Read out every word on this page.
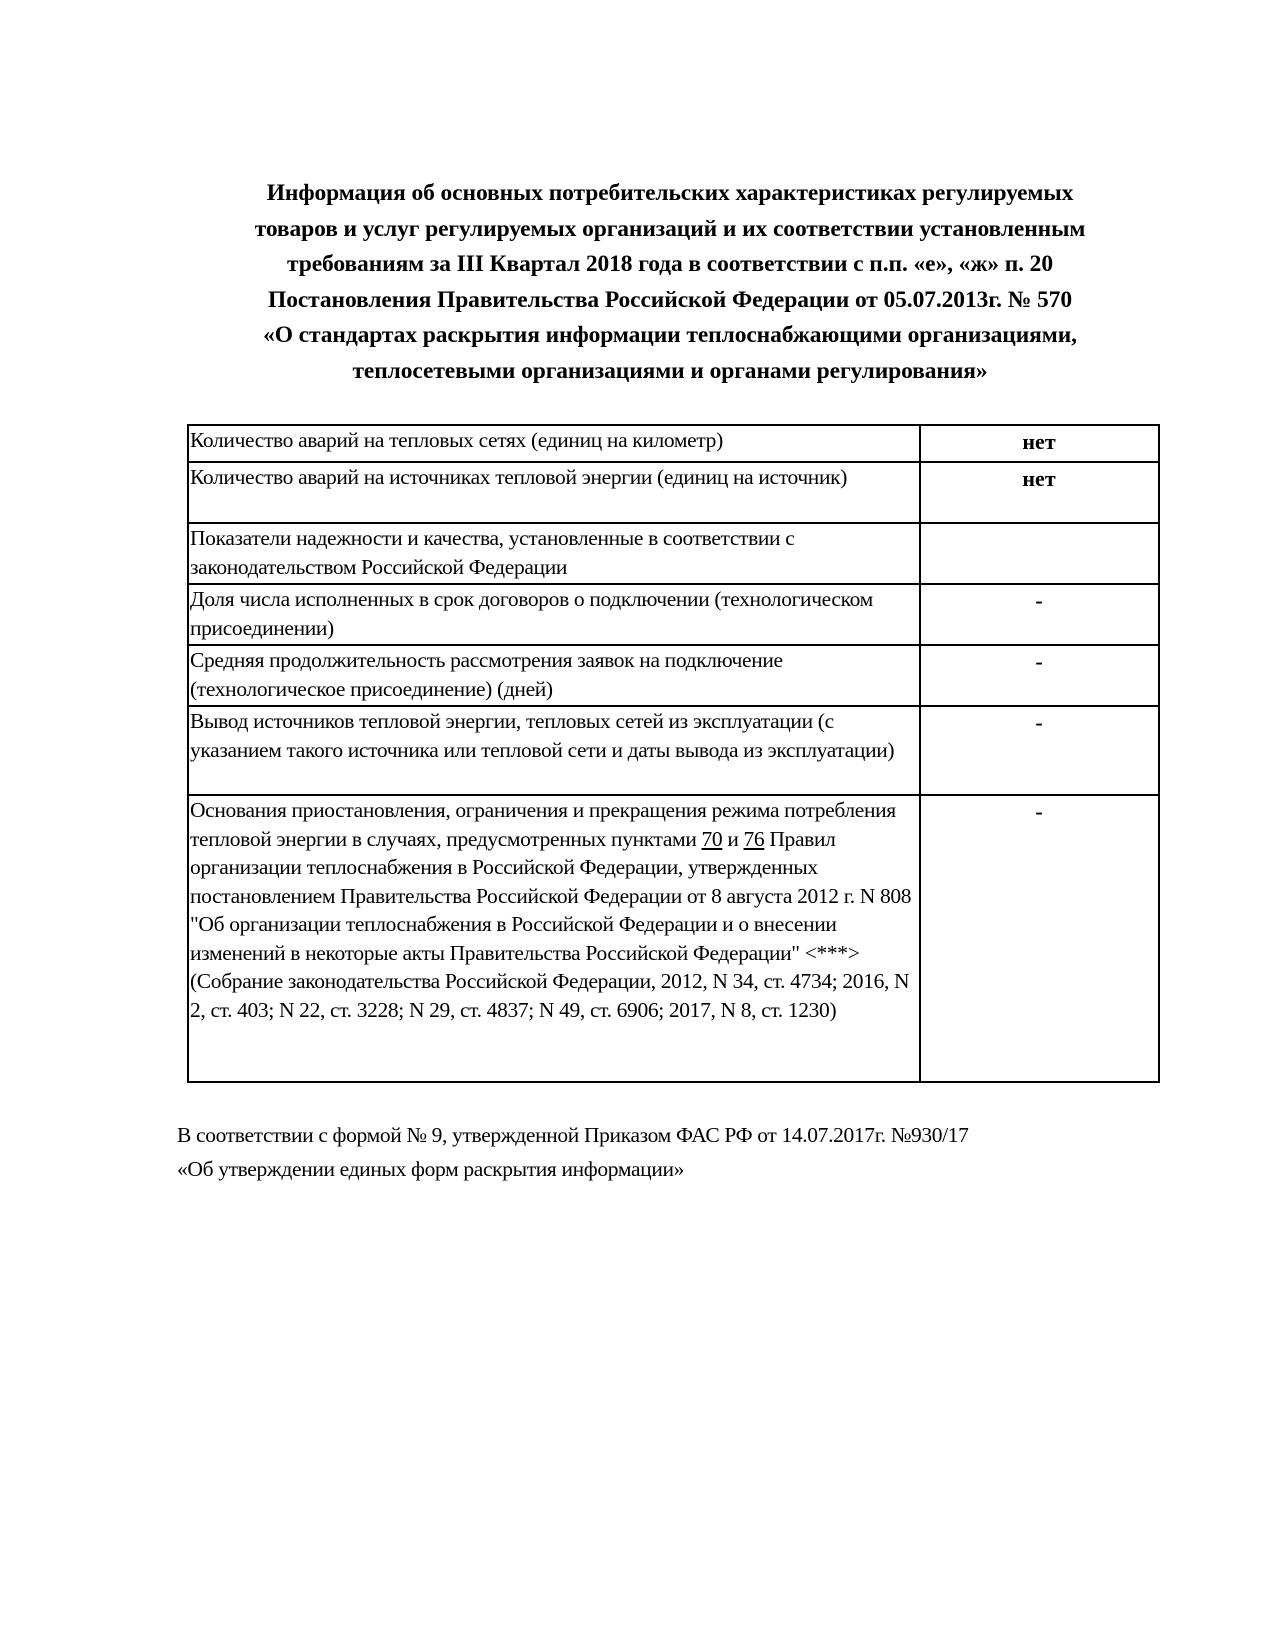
Информация об основных потребительских характеристиках регулируемых
товаров и услуг регулируемых организаций и их соответствии установленным
требованиям за III Квартал 2018 года в соответствии с п.п. «е», «ж» п. 20
Постановления Правительства Российской Федерации от 05.07.2013г. № 570
«О стандартах раскрытия информации теплоснабжающими организациями,
теплосетевыми организациями и органами регулирования»
Количество аварий на тепловых сетях (единиц на километр)	нет
Количество аварий на источниках тепловой энергии (единиц на источник)	нет
Показатели надежности и качества, установленные в соответствии с законодательством Российской Федерации	
Доля числа исполненных в срок договоров о подключении (технологическом присоединении)	-
Средняя продолжительность рассмотрения заявок на подключение (технологическое присоединение) (дней)	-
Вывод источников тепловой энергии, тепловых сетей из эксплуатации (с указанием такого источника или тепловой сети и даты вывода из эксплуатации)	-
Основания приостановления, ограничения и прекращения режима потребления тепловой энергии в случаях, предусмотренных пунктами 70 и 76 Правил организации теплоснабжения в Российской Федерации, утвержденных постановлением Правительства Российской Федерации от 8 августа 2012 г. N 808 "Об организации теплоснабжения в Российской Федерации и о внесении изменений в некоторые акты Правительства Российской Федерации" <***> (Собрание законодательства Российской Федерации, 2012, N 34, ст. 4734; 2016, N 2, ст. 403; N 22, ст. 3228; N 29, ст. 4837; N 49, ст. 6906; 2017, N 8, ст. 1230)	-
В соответствии с формой № 9, утвержденной Приказом ФАС РФ от 14.07.2017г. №930/17
«Об утверждении единых форм раскрытия информации»
